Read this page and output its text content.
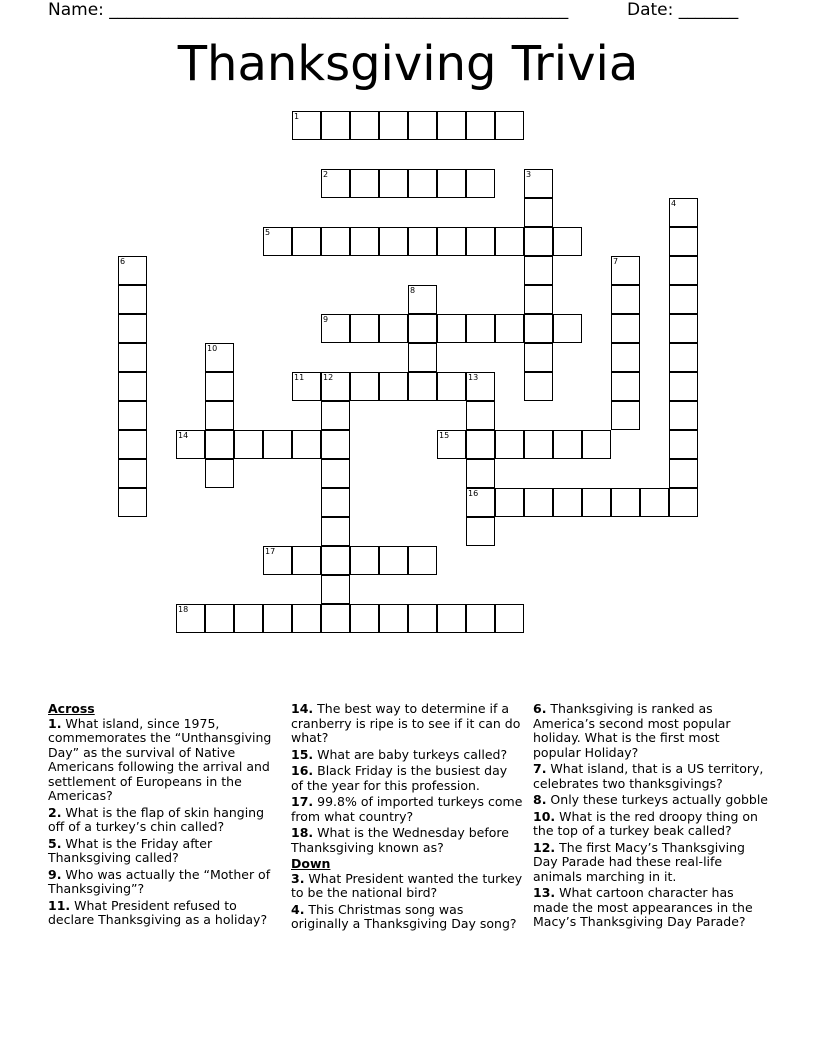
Name: ______________________________________________________	Date: _______
Thanksgiving Trivia
1
2	3
4
5
6	7
8
9
10
11 12	13
16
14	15
17
18
Across
1. What island, since 1975, commemorates the “Unthansgiving Day” as the survival of Native Americans following the arrival and settlement of Europeans in the Americas?
2. What is the flap of skin hanging off of a turkey’s chin called?
5. What is the Friday after Thanksgiving called?
9. Who was actually the “Mother of Thanksgiving”?
11. What President refused to declare Thanksgiving as a holiday?
14. The best way to determine if a cranberry is ripe is to see if it can do what?
15. What are baby turkeys called?
16. Black Friday is the busiest day of the year for this profession.
17. 99.8% of imported turkeys come from what country?
18. What is the Wednesday before Thanksgiving known as?
Down
3. What President wanted the turkey to be the national bird?
4. This Christmas song was originally a Thanksgiving Day song?
6. Thanksgiving is ranked as America’s second most popular holiday. What is the first most popular Holiday?
7. What island, that is a US territory, celebrates two thanksgivings?
8. Only these turkeys actually gobble
10. What is the red droopy thing on the top of a turkey beak called?
12. The first Macy’s Thanksgiving Day Parade had these real-life animals marching in it.
13. What cartoon character has made the most appearances in the Macy’s Thanksgiving Day Parade?
